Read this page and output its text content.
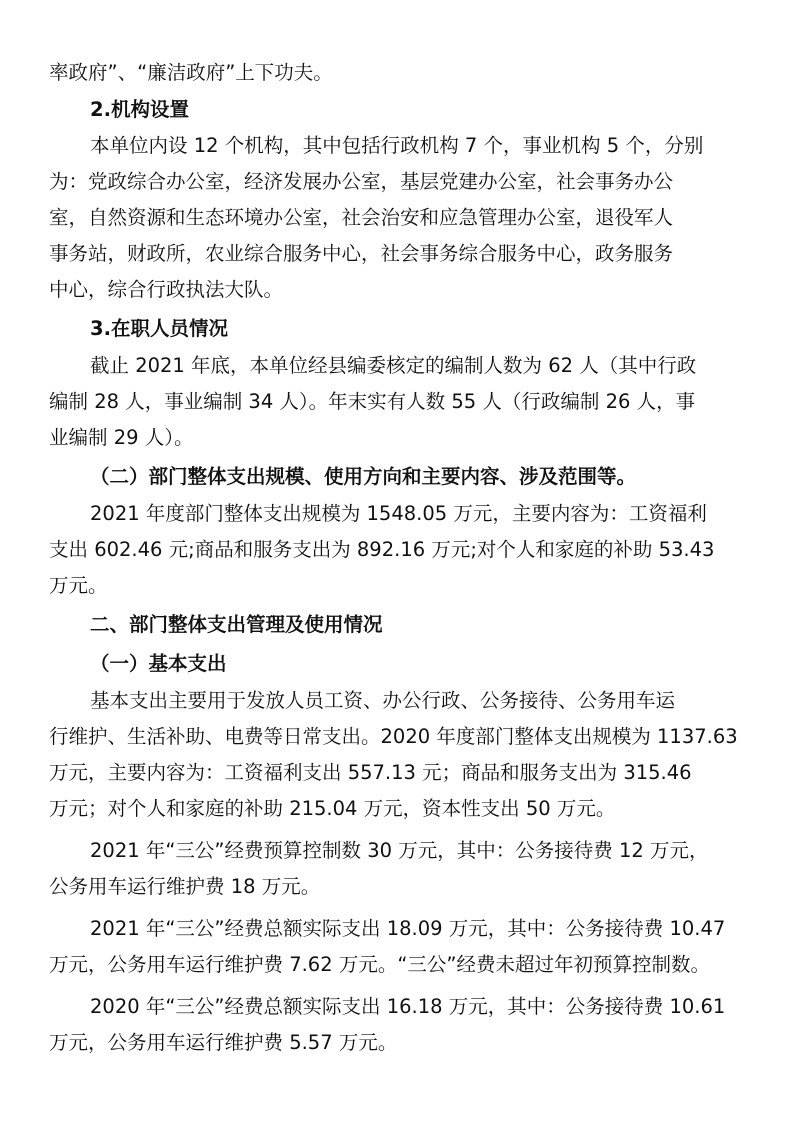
率政府”、“廉洁政府”上下功夫。
2.机构设置
本单位内设 12 个机构，其中包括行政机构 7 个，事业机构 5 个，分别
为：党政综合办公室，经济发展办公室，基层党建办公室，社会事务办公
室，自然资源和生态环境办公室，社会治安和应急管理办公室，退役军人
事务站，财政所，农业综合服务中心，社会事务综合服务中心，政务服务
中心，综合行政执法大队。
3.在职人员情况
截止 2021 年底，本单位经县编委核定的编制人数为 62 人（其中行政
编制 28 人，事业编制 34 人）。年末实有人数 55 人（行政编制 26 人，事
业编制 29 人）。
（二）部门整体支出规模、使用方向和主要内容、涉及范围等。
2021 年度部门整体支出规模为 1548.05 万元，主要内容为：工资福利
支出 602.46 元;商品和服务支出为 892.16 万元;对个人和家庭的补助 53.43
万元。
二、部门整体支出管理及使用情况
（一）基本支出
基本支出主要用于发放人员工资、办公行政、公务接待、公务用车运
行维护、生活补助、电费等日常支出。2020 年度部门整体支出规模为 1137.63
万元，主要内容为：工资福利支出 557.13 元；商品和服务支出为 315.46
万元；对个人和家庭的补助 215.04 万元，资本性支出 50 万元。
2021 年“三公”经费预算控制数 30 万元，其中：公务接待费 12 万元，
公务用车运行维护费 18 万元。
2021 年“三公”经费总额实际支出 18.09 万元，其中：公务接待费 10.47
万元，公务用车运行维护费 7.62 万元。“三公”经费未超过年初预算控制数。
2020 年“三公”经费总额实际支出 16.18 万元，其中：公务接待费 10.61
万元，公务用车运行维护费 5.57 万元。
